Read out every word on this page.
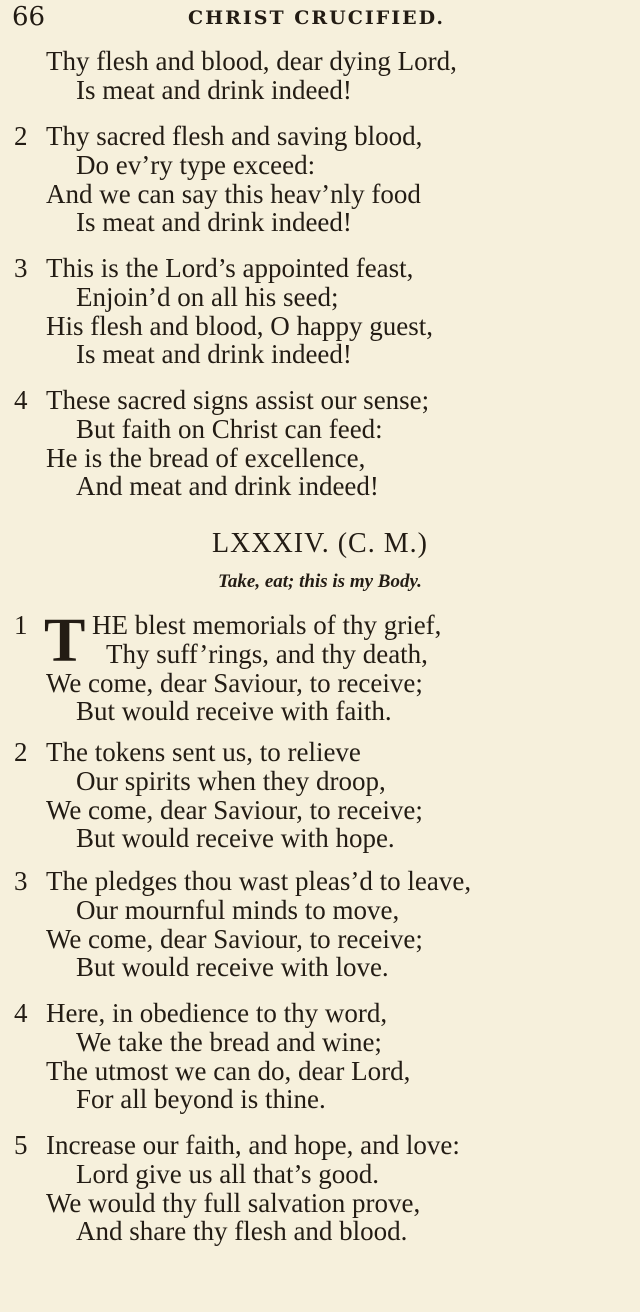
66	CHRIST CRUCIFIED.
Thy flesh and blood, dear dying Lord,
Is meat and drink indeed!
2 Thy sacred flesh and saving blood,
Do ev’ry type exceed:
And we can say this heav’nly food
Is meat and drink indeed!
3 This is the Lord’s appointed feast,
Enjoin’d on all his seed;
His flesh and blood, O happy guest,
Is meat and drink indeed!
4 These sacred signs assist our sense;
But faith on Christ can feed:
He is the bread of excellence,
And meat and drink indeed!
LXXXIV. (C. M.)
Take, eat; this is my Body.
1 T HE blest memorials of thy grief,
Thy suff’rings, and thy death,
We come, dear Saviour, to receive;
But would receive with faith.
2 The tokens sent us, to relieve
Our spirits when they droop,
We come, dear Saviour, to receive;
But would receive with hope.
3 The pledges thou wast pleas’d to leave,
Our mournful minds to move,
We come, dear Saviour, to receive;
But would receive with love.
4 Here, in obedience to thy word,
We take the bread and wine;
The utmost we can do, dear Lord,
For all beyond is thine.
5 Increase our faith, and hope, and love:
Lord give us all that’s good.
We would thy full salvation prove,
And share thy flesh and blood.
